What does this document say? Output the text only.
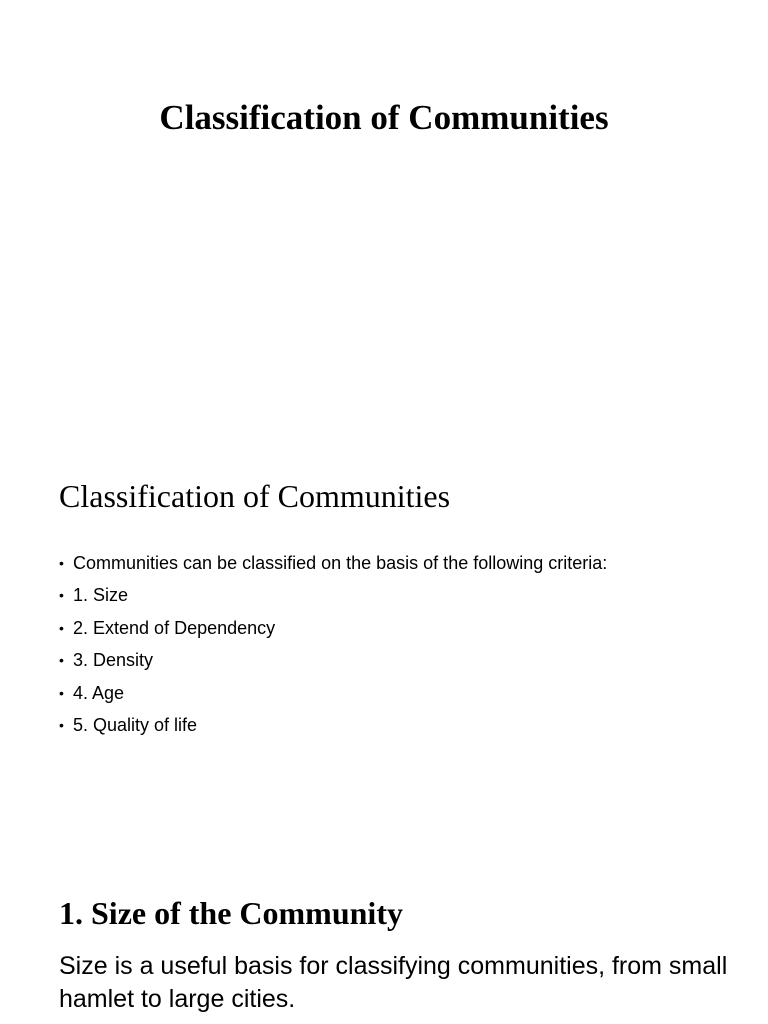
Classification of Communities
Classification of Communities
• Communities can be classified on the basis of the following criteria:
• 1. Size
• 2. Extend of Dependency
• 3. Density
• 4. Age
• 5. Quality of life
1. Size of the Community

Size is a useful basis for classifying communities, from small hamlet to large cities.
